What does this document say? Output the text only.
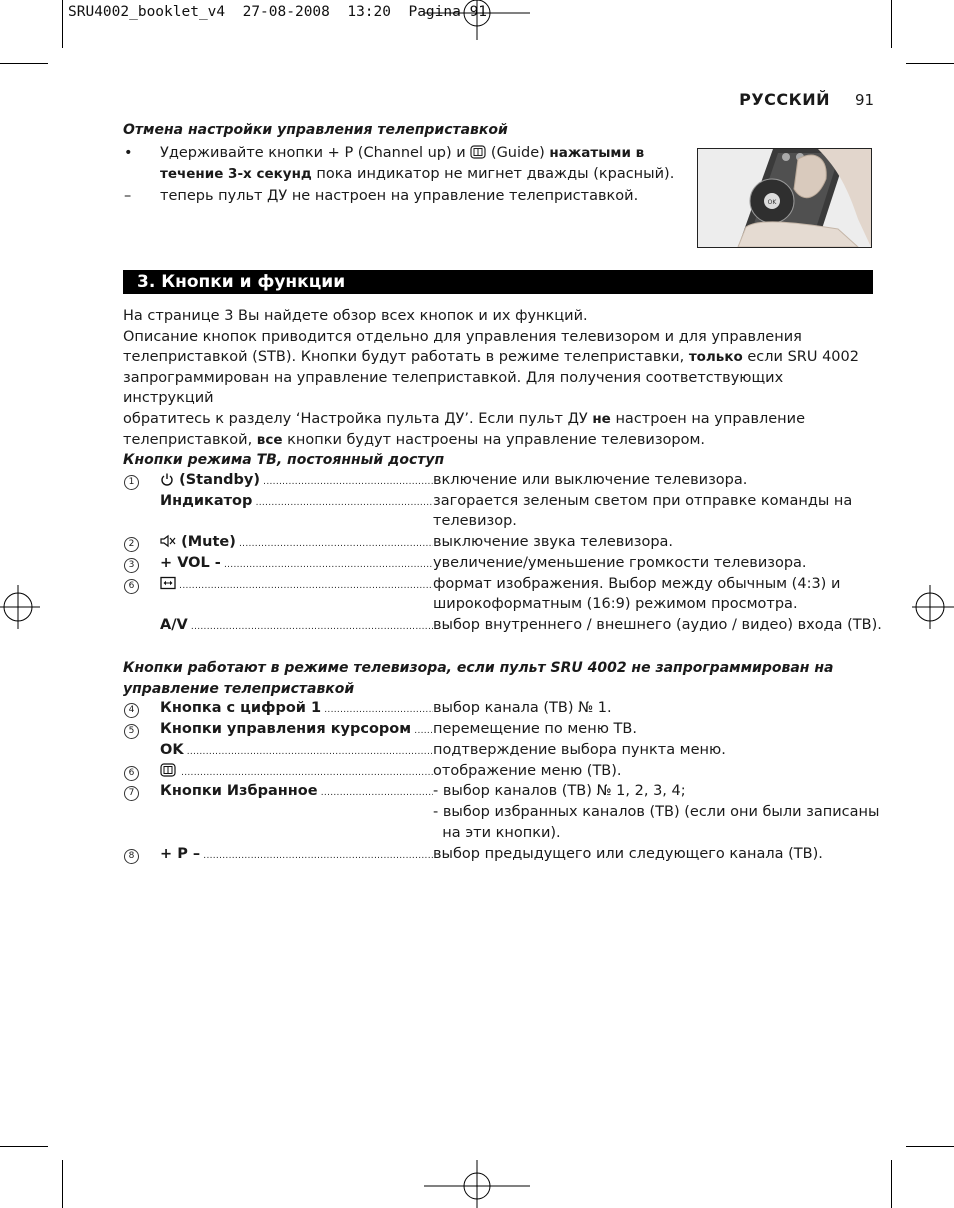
SRU4002_booklet_v4  27-08-2008  13:20  Pagina 91
РУССКИЙ 91
Отмена настройки управления телеприставкой
• Удерживайте кнопки + P (Channel up) и (Guide) нажатыми в
течение 3-х секунд пока индикатор не мигнет дважды (красный).
– теперь пульт ДУ не настроен на управление телеприставкой.	OK
3. Кнопки и функции
На странице 3 Вы найдете обзор всех кнопок и их функций.
Описание кнопок приводится отдельно для управления телевизором и для управления
телеприставкой (STB). Кнопки будут работать в режиме телеприставки, только если SRU 4002
запрограммирован на управление телеприставкой. Для получения соответствующих инструкций
обратитесь к разделу ‘Настройка пульта ДУ’. Если пульт ДУ не настроен на управление
телеприставкой, все кнопки будут настроены на управление телевизором.
Кнопки режима ТВ, постоянный доступ
1	(Standby) .....	включение или выключение телевизора.
Индикатор .....	загорается зеленым светом при отправке команды на
телевизор.
2	(Mute) .....	выключение звука телевизора.
3	+ VOL - .....	увеличение/уменьшение громкости телевизора.
6 .....	формат изображения. Выбор между обычным (4:3) и
широкоформатным (16:9) режимом просмотра.
A/V .....	выбор внутреннего / внешнего (аудио / видео) входа (ТВ).
Кнопки работают в режиме телевизора, если пульт SRU 4002 не запрограммирован на
управление телеприставкой
4	Кнопка с цифрой 1 .....	выбор канала (ТВ) № 1.
5	Кнопки управления курсором .....	перемещение по меню ТВ.
OK .....	подтверждение выбора пункта меню.
6 .....	отображение меню (ТВ).
7	Кнопки Избранное .....	- выбор каналов (ТВ) № 1, 2, 3, 4;
- выбор избранных каналов (ТВ) (если они были записаны
на эти кнопки).
8	+ P – .....	выбор предыдущего или следующего канала (ТВ).
